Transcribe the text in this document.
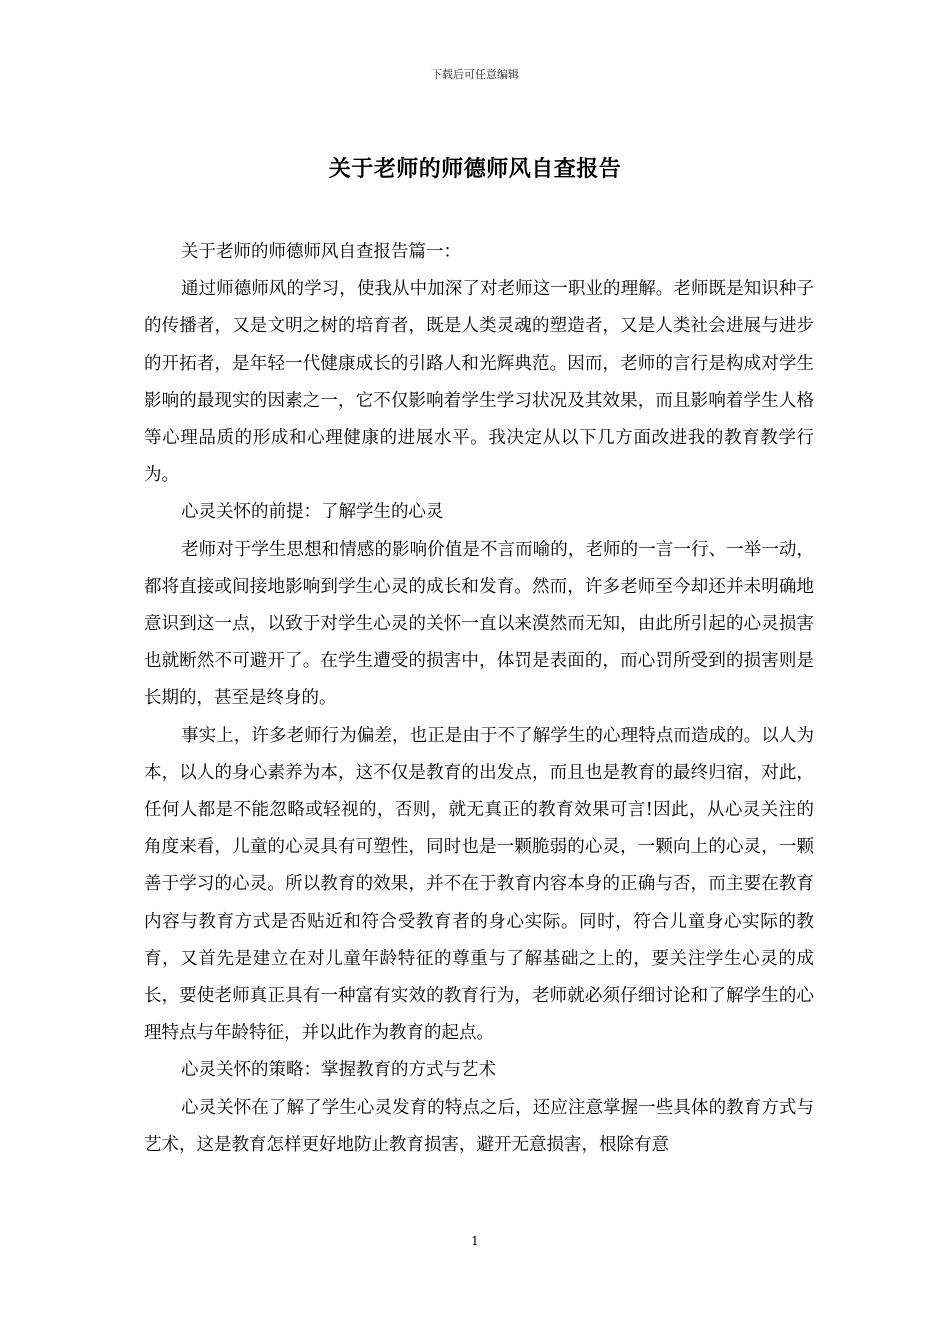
下载后可任意编辑
关于老师的师德师风自查报告

关于老师的师德师风自查报告篇一：

通过师德师风的学习，使我从中加深了对老师这一职业的理解。老师既是知识种子的传播者，又是文明之树的培育者，既是人类灵魂的塑造者，又是人类社会进展与进步的开拓者，是年轻一代健康成长的引路人和光辉典范。因而，老师的言行是构成对学生影响的最现实的因素之一，它不仅影响着学生学习状况及其效果，而且影响着学生人格等心理品质的形成和心理健康的进展水平。我决定从以下几方面改进我的教育教学行为。

心灵关怀的前提：了解学生的心灵

老师对于学生思想和情感的影响价值是不言而喻的，老师的一言一行、一举一动，都将直接或间接地影响到学生心灵的成长和发育。然而，许多老师至今却还并未明确地意识到这一点，以致于对学生心灵的关怀一直以来漠然而无知，由此所引起的心灵损害也就断然不可避开了。在学生遭受的损害中，体罚是表面的，而心罚所受到的损害则是长期的，甚至是终身的。

事实上，许多老师行为偏差，也正是由于不了解学生的心理特点而造成的。以人为本，以人的身心素养为本，这不仅是教育的出发点，而且也是教育的最终归宿，对此，任何人都是不能忽略或轻视的，否则，就无真正的教育效果可言!因此，从心灵关注的角度来看，儿童的心灵具有可塑性，同时也是一颗脆弱的心灵，一颗向上的心灵，一颗善于学习的心灵。所以教育的效果，并不在于教育内容本身的正确与否，而主要在教育内容与教育方式是否贴近和符合受教育者的身心实际。同时，符合儿童身心实际的教育，又首先是建立在对儿童年龄特征的尊重与了解基础之上的，要关注学生心灵的成长，要使老师真正具有一种富有实效的教育行为，老师就必须仔细讨论和了解学生的心理特点与年龄特征，并以此作为教育的起点。

心灵关怀的策略：掌握教育的方式与艺术

心灵关怀在了解了学生心灵发育的特点之后，还应注意掌握一些具体的教育方式与艺术，这是教育怎样更好地防止教育损害，避开无意损害，根除有意

1
